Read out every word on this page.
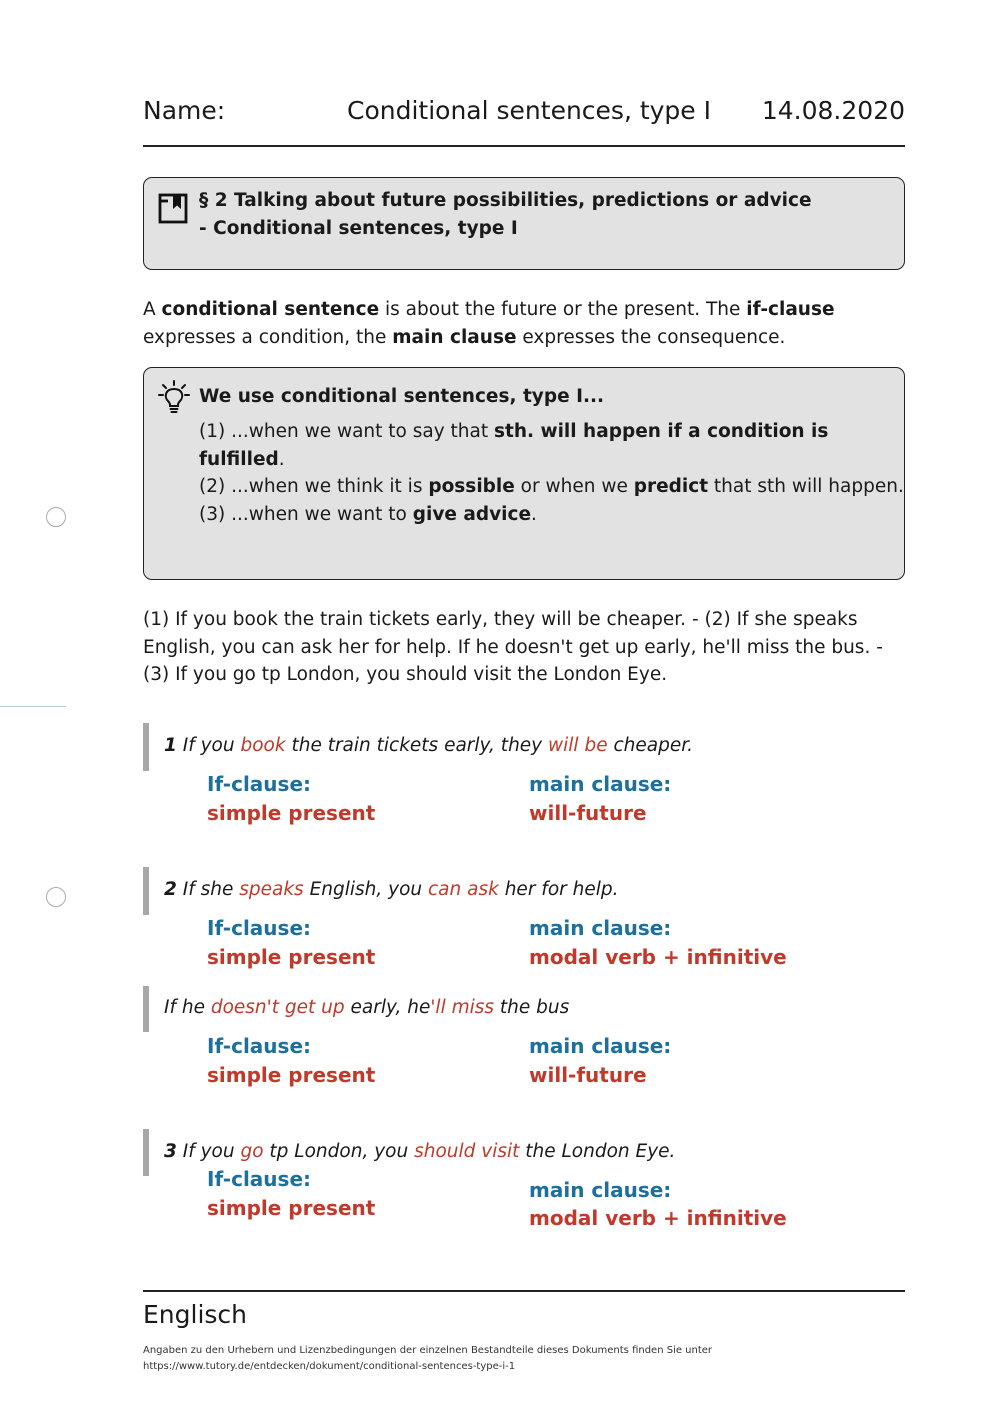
Name:	Conditional sentences, type I 14.08.2020
§ 2 Talking about future possibilities, predictions or advice
- Conditional sentences, type I
A conditional sentence is about the future or the present. The if-clause
expresses a condition, the main clause expresses the consequence.
We use conditional sentences, type I...
(1) ...when we want to say that sth. will happen if a condition is
fulfilled.
(2) ...when we think it is possible or when we predict that sth will happen.
(3) ...when we want to give advice.
(1) If you book the train tickets early, they will be cheaper. - (2) If she speaks
English, you can ask her for help. If he doesn't get up early, he'll miss the bus. -
(3) If you go tp London, you should visit the London Eye.
1 If you book the train tickets early, they will be cheaper.
If-clause:
simple present
main clause:
will-future
2 If she speaks English, you can ask her for help.
If-clause:
simple present
main clause:
modal verb + infinitive
If he doesn't get up early, he'll miss the bus
If-clause:
simple present
main clause:
will-future
3 If you go tp London, you should visit the London Eye.
If-clause:
simple present
main clause:
modal verb + infinitive
Englisch
Angaben zu den Urhebern und Lizenzbedingungen der einzelnen Bestandteile dieses Dokuments finden Sie unter
https://www.tutory.de/entdecken/dokument/conditional-sentences-type-i-1
